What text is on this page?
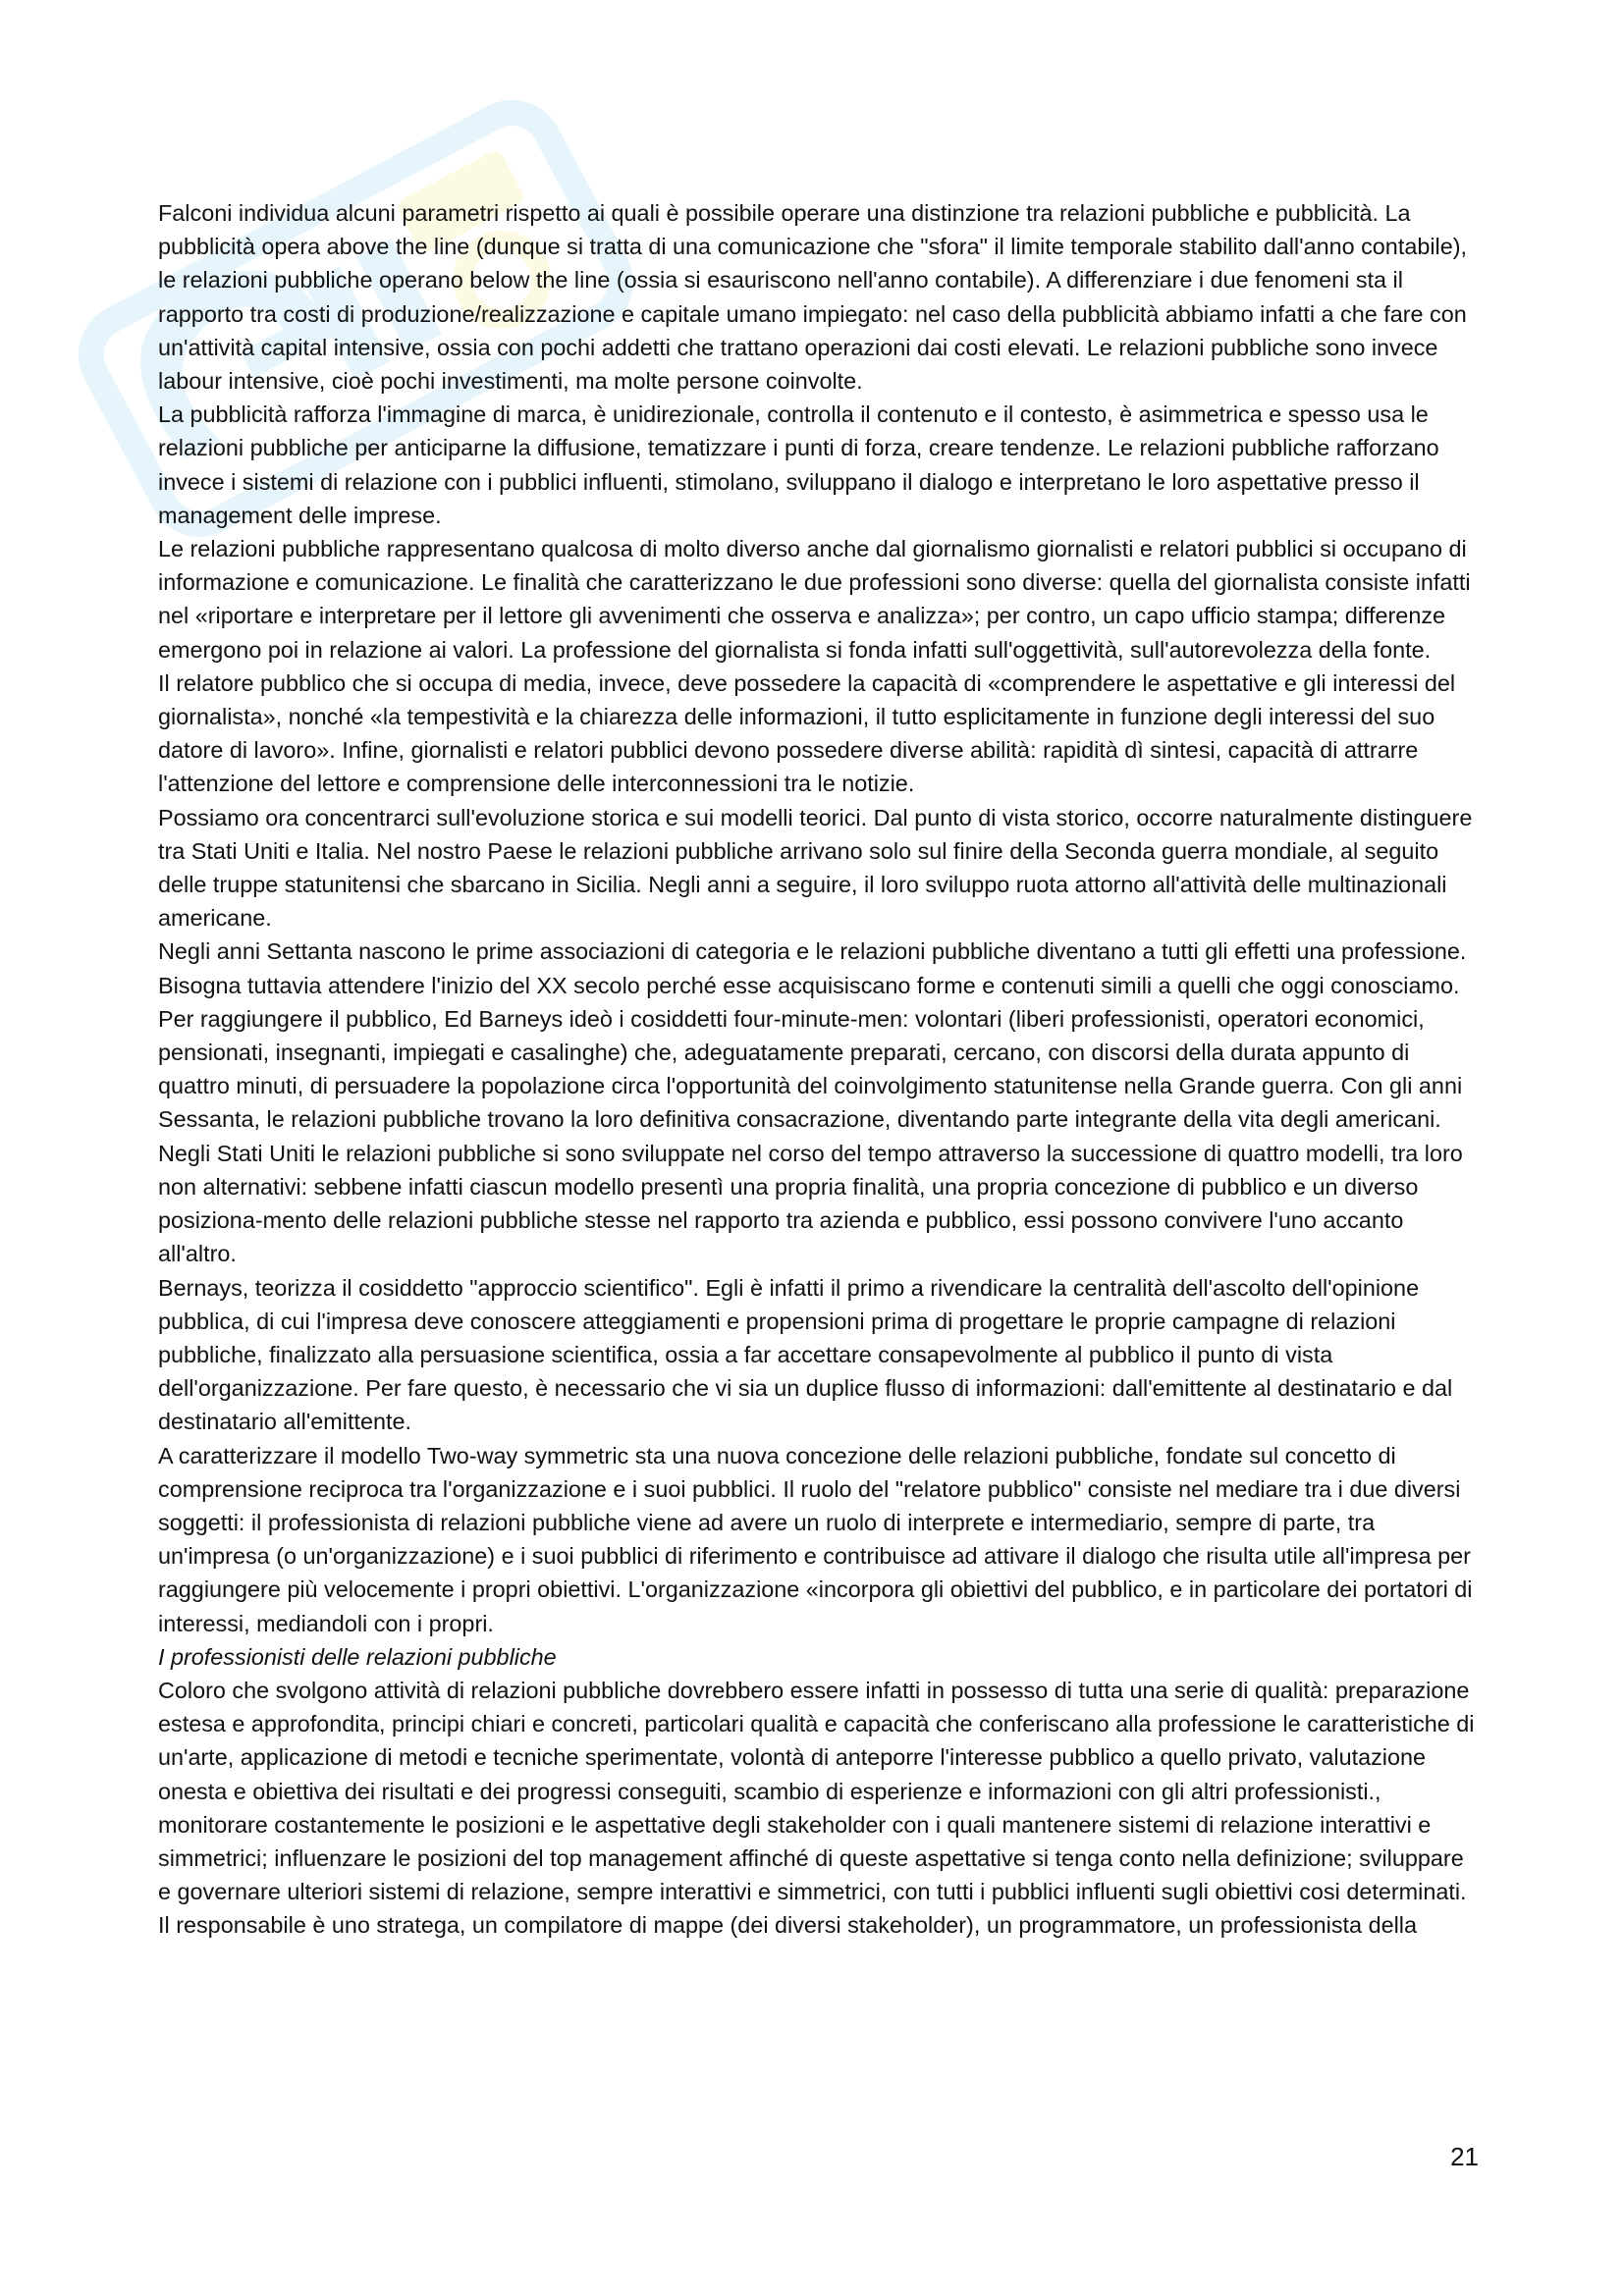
Falconi individua alcuni parametri rispetto ai quali è possibile operare una distinzione tra relazioni pubbliche e pubblicità. La pubblicità opera above the line (dunque si tratta di una comunicazione che "sfora" il limite temporale stabilito dall'anno contabile), le relazioni pubbliche operano below the line (ossia si esauriscono nell'anno contabile). A differenziare i due fenomeni sta il rapporto tra costi di produzione/realizzazione e capitale umano impiegato: nel caso della pubblicità abbiamo infatti a che fare con un'attività capital intensive, ossia con pochi addetti che trattano operazioni dai costi elevati. Le relazioni pubbliche sono invece labour intensive, cioè pochi investimenti, ma molte persone coinvolte.

La pubblicità rafforza l'immagine di marca, è unidirezionale, controlla il contenuto e il contesto, è asimmetrica e spesso usa le relazioni pubbliche per anticiparne la diffusione, tematizzare i punti di forza, creare tendenze. Le relazioni pubbliche rafforzano invece i sistemi di relazione con i pubblici influenti, stimolano, sviluppano il dialogo e interpretano le loro aspettative presso il management delle imprese.

Le relazioni pubbliche rappresentano qualcosa di molto diverso anche dal giornalismo giornalisti e relatori pubblici si occupano di informazione e comunicazione. Le finalità che caratterizzano le due professioni sono diverse: quella del giornalista consiste infatti nel «riportare e interpretare per il lettore gli avvenimenti che osserva e analizza»; per contro, un capo ufficio stampa; differenze emergono poi in relazione ai valori. La professione del giornalista si fonda infatti sull'oggettività, sull'autorevolezza della fonte.

Il relatore pubblico che si occupa di media, invece, deve possedere la capacità di «comprendere le aspettative e gli interessi del giornalista», nonché «la tempestività e la chiarezza delle informazioni, il tutto esplicitamente in funzione degli interessi del suo datore di lavoro». Infine, giornalisti e relatori pubblici devono possedere diverse abilità: rapidità dì sintesi, capacità di attrarre l'attenzione del lettore e comprensione delle interconnessioni tra le notizie.

Possiamo ora concentrarci sull'evoluzione storica e sui modelli teorici. Dal punto di vista storico, occorre naturalmente distinguere tra Stati Uniti e Italia. Nel nostro Paese le relazioni pubbliche arrivano solo sul finire della Seconda guerra mondiale, al seguito delle truppe statunitensi che sbarcano in Sicilia. Negli anni a seguire, il loro sviluppo ruota attorno all'attività delle multinazionali americane.

Negli anni Settanta nascono le prime associazioni di categoria e le relazioni pubbliche diventano a tutti gli effetti una professione. Bisogna tuttavia attendere l'inizio del XX secolo perché esse acquisiscano forme e contenuti simili a quelli che oggi conosciamo.

Per raggiungere il pubblico, Ed Barneys ideò i cosiddetti four-minute-men: volontari (liberi professionisti, operatori economici, pensionati, insegnanti, impiegati e casalinghe) che, adeguatamente preparati, cercano, con discorsi della durata appunto di quattro minuti, di persuadere la popolazione circa l'opportunità del coinvolgimento statunitense nella Grande guerra. Con gli anni Sessanta, le relazioni pubbliche trovano la loro definitiva consacrazione, diventando parte integrante della vita degli americani.

Negli Stati Uniti le relazioni pubbliche si sono sviluppate nel corso del tempo attraverso la successione di quattro modelli, tra loro non alternativi: sebbene infatti ciascun modello presentì una propria finalità, una propria concezione di pubblico e un diverso posiziona-mento delle relazioni pubbliche stesse nel rapporto tra azienda e pubblico, essi possono convivere l'uno accanto all'altro.

Bernays, teorizza il cosiddetto "approccio scientifico". Egli è infatti il primo a rivendicare la centralità dell'ascolto dell'opinione pubblica, di cui l'impresa deve conoscere atteggiamenti e propensioni prima di progettare le proprie campagne di relazioni pubbliche, finalizzato alla persuasione scientifica, ossia a far accettare consapevolmente al pubblico il punto di vista dell'organizzazione. Per fare questo, è necessario che vi sia un duplice flusso di informazioni: dall'emittente al destinatario e dal destinatario all'emittente.

A caratterizzare il modello Two-way symmetric sta una nuova concezione delle relazioni pubbliche, fondate sul concetto di comprensione reciproca tra l'organizzazione e i suoi pubblici. Il ruolo del "relatore pubblico" consiste nel mediare tra i due diversi soggetti: il professionista di relazioni pubbliche viene ad avere un ruolo di interprete e intermediario, sempre di parte, tra un'impresa (o un'organizzazione) e i suoi pubblici di riferimento e contribuisce ad attivare il dialogo che risulta utile all'impresa per raggiungere più velocemente i propri obiettivi. L'organizzazione «incorpora gli obiettivi del pubblico, e in particolare dei portatori di interessi, mediandoli con i propri.

I professionisti delle relazioni pubbliche

Coloro che svolgono attività di relazioni pubbliche dovrebbero essere infatti in possesso di tutta una serie di qualità: preparazione estesa e approfondita, principi chiari e concreti, particolari qualità e capacità che conferiscano alla professione le caratteristiche di un'arte, applicazione di metodi e tecniche sperimentate, volontà di anteporre l'interesse pubblico a quello privato, valutazione onesta e obiettiva dei risultati e dei progressi conseguiti, scambio di esperienze e informazioni con gli altri professionisti., monitorare costantemente le posizioni e le aspettative degli stakeholder con i quali mantenere sistemi di relazione interattivi e simmetrici; influenzare le posizioni del top management affinché di queste aspettative si tenga conto nella definizione; sviluppare e governare ulteriori sistemi di relazione, sempre interattivi e simmetrici, con tutti i pubblici influenti sugli obiettivi cosi determinati. Il responsabile è uno stratega, un compilatore di mappe (dei diversi stakeholder), un programmatore, un professionista della

21
